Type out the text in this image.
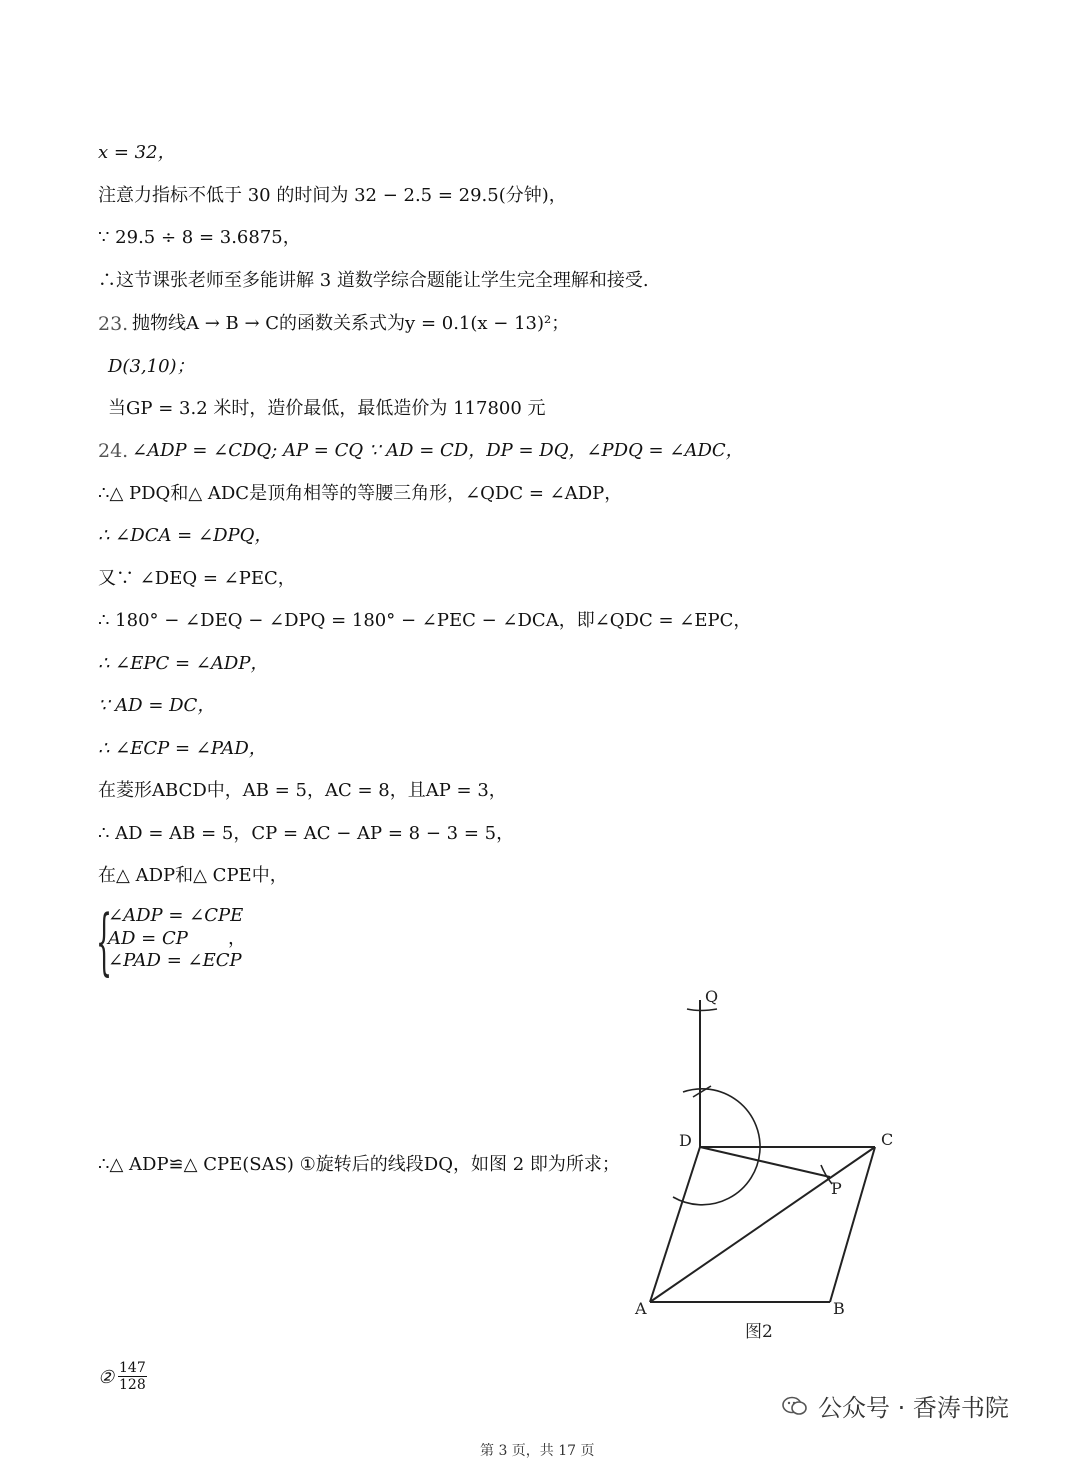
x = 32，
注意力指标不低于 30 的时间为 32 − 2.5 = 29.5(分钟)，
∵ 29.5 ÷ 8 = 3.6875，
∴这节课张老师至多能讲解 3 道数学综合题能让学生完全理解和接受.
23. 抛物线A → B → C的函数关系式为y = 0.1(x − 13)²；
D(3,10)；
当GP = 3.2 米时，造价最低，最低造价为 117800 元
24. ∠ADP = ∠CDQ; AP = CQ ∵ AD = CD，DP = DQ，∠PDQ = ∠ADC，
∴△ PDQ和△ ADC是顶角相等的等腰三角形，∠QDC = ∠ADP，
∴ ∠DCA = ∠DPQ，
又∵ ∠DEQ = ∠PEC，
∴ 180° − ∠DEQ − ∠DPQ = 180° − ∠PEC − ∠DCA，即∠QDC = ∠EPC，
∴ ∠EPC = ∠ADP，
∵ AD = DC，
∴ ∠ECP = ∠PAD，
在菱形ABCD中，AB = 5，AC = 8，且AP = 3，
∴ AD = AB = 5，CP = AC − AP = 8 − 3 = 5，
在△ ADP和△ CPE中，
{
∠ADP = ∠CPE
AD = CP ，
∠PAD = ∠ECP
∴△ ADP≌△ CPE(SAS) ①旋转后的线段DQ，如图 2 即为所求；
② $\frac{147}{128}$
Q
D	C
P
A	B
图2
公众号 · 香涛书院
第 3 页，共 17 页
